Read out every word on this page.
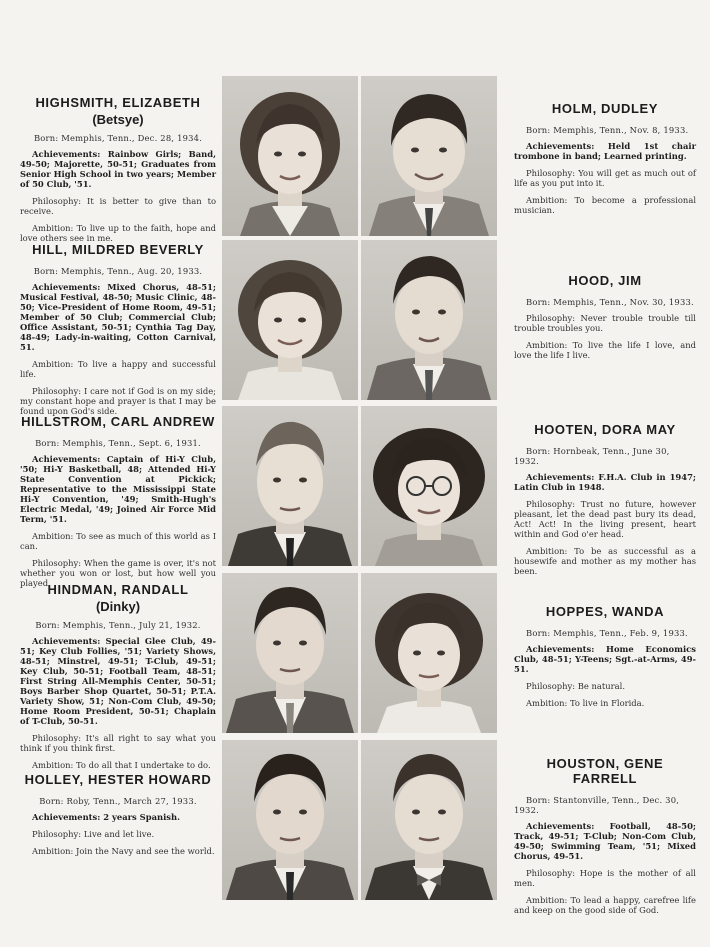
HIGHSMITH, ELIZABETH
(Betsye)

Born: Memphis, Tenn., Dec. 28, 1934.

Achievements: Rainbow Girls; Band, 49-50; Majorette, 50-51; Graduates from Senior High School in two years; Member of 50 Club, '51.

Philosophy: It is better to give than to receive.

Ambition: To live up to the faith, hope and love others see in me.

HOLM, DUDLEY

Born: Memphis, Tenn., Nov. 8, 1933.

Achievements: Held 1st chair trombone in band; Learned printing.

Philosophy: You will get as much out of life as you put into it.

Ambition: To become a professional musician.

HILL, MILDRED BEVERLY

Born: Memphis, Tenn., Aug. 20, 1933.

Achievements: Mixed Chorus, 48-51; Musical Festival, 48-50; Music Clinic, 48-50; Vice-President of Home Room, 49-51; Member of 50 Club; Commercial Club; Office Assistant, 50-51; Cynthia Tag Day, 48-49; Lady-in-waiting, Cotton Carnival, 51.

Ambition: To live a happy and successful life.

Philosophy: I care not if God is on my side; my constant hope and prayer is that I may be found upon God's side.

HOOD, JIM

Born: Memphis, Tenn., Nov. 30, 1933.

Philosophy: Never trouble trouble till trouble troubles you.

Ambition: To live the life I love, and love the life I live.

HILLSTROM, CARL ANDREW

Born: Memphis, Tenn., Sept. 6, 1931.

Achievements: Captain of Hi-Y Club, '50; Hi-Y Basketball, 48; Attended Hi-Y State Convention at Pickick; Representative to the Mississippi State Hi-Y Convention, '49; Smith-Hugh's Electric Medal, '49; Joined Air Force Mid Term, '51.

Ambition: To see as much of this world as I can.

Philosophy: When the game is over, it's not whether you won or lost, but how well you played.

HOOTEN, DORA MAY

Born: Hornbeak, Tenn., June 30, 1932.

Achievements: F.H.A. Club in 1947; Latin Club in 1948.

Philosophy: Trust no future, however pleasant, let the dead past bury its dead, Act! Act! In the living present, heart within and God o'er head.

Ambition: To be as successful as a housewife and mother as my mother has been.

HINDMAN, RANDALL
(Dinky)

Born: Memphis, Tenn., July 21, 1932.

Achievements: Special Glee Club, 49-51; Key Club Follies, '51; Variety Shows, 48-51; Minstrel, 49-51; T-Club, 49-51; Key Club, 50-51; Football Team, 48-51; First String All-Memphis Center, 50-51; Boys Barber Shop Quartet, 50-51; P.T.A. Variety Show, 51; Non-Com Club, 49-50; Home Room President, 50-51; Chaplain of T-Club, 50-51.

Philosophy: It's all right to say what you think if you think first.

Ambition: To do all that I undertake to do.

HOPPES, WANDA

Born: Memphis, Tenn., Feb. 9, 1933.

Achievements: Home Economics Club, 48-51; Y-Teens; Sgt.-at-Arms, 49-51.

Philosophy: Be natural.

Ambition: To live in Florida.

HOLLEY, HESTER HOWARD

Born: Roby, Tenn., March 27, 1933.

Achievements: 2 years Spanish.

Philosophy: Live and let live.

Ambition: Join the Navy and see the world.

HOUSTON, GENE FARRELL

Born: Stantonville, Tenn., Dec. 30, 1932.

Achievements: Football, 48-50; Track, 49-51; T-Club; Non-Com Club, 49-50; Swimming Team, '51; Mixed Chorus, 49-51.

Philosophy: Hope is the mother of all men.

Ambition: To lead a happy, carefree life and keep on the good side of God.
